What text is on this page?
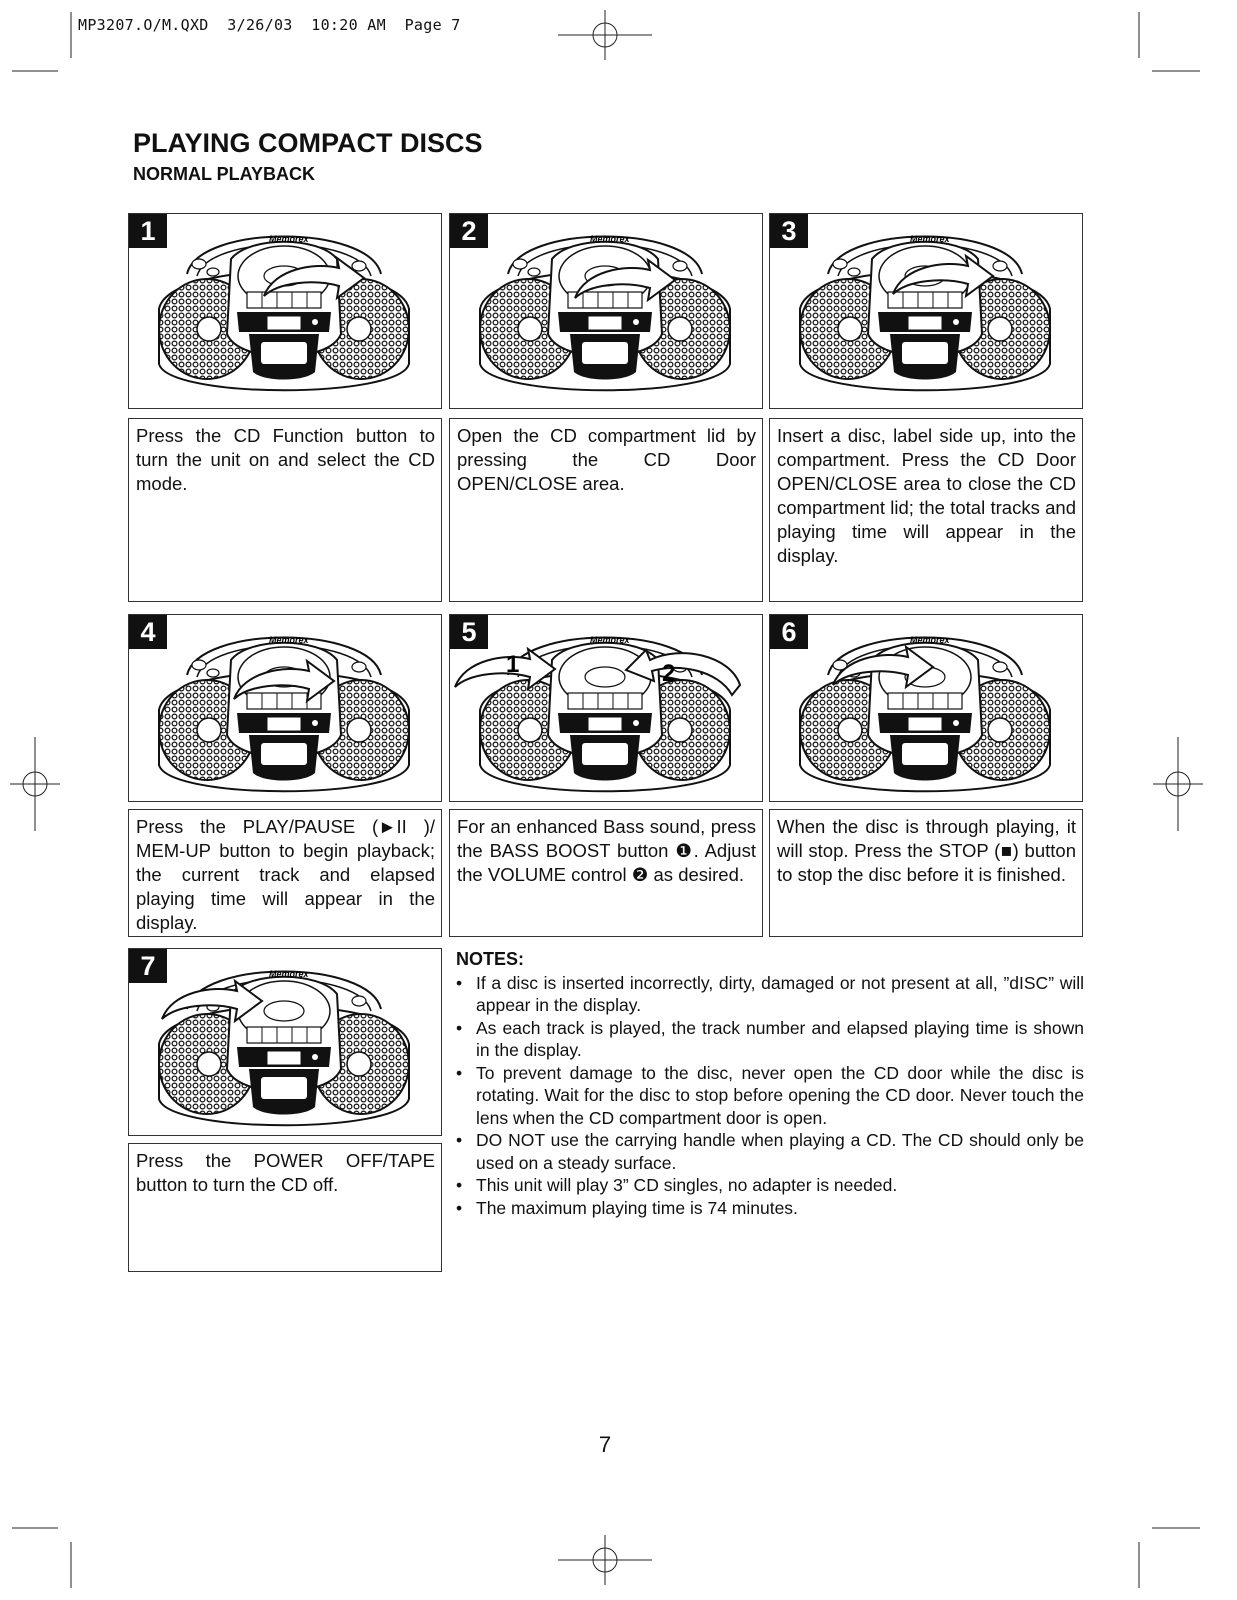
MP3207.O/M.QXD  3/26/03  10:20 AM  Page 7
PLAYING COMPACT DISCS
NORMAL PLAYBACK
Memorex
1
Press the CD Function button to turn the unit on and select the CD mode.
Memorex
2
Open the CD compartment lid by pressing the CD Door OPEN/CLOSE area.
Memorex
3
Insert a disc, label side up, into the compartment. Press the CD Door OPEN/CLOSE area to close the CD compartment lid; the total tracks and playing time will appear in the display.
Memorex
4
Press the PLAY/PAUSE (►II )/ MEM-UP button to begin playback; the current track and elapsed playing time will appear in the display.
Memorex
1	2
5
For an enhanced Bass sound, press the BASS BOOST button ❶. Adjust the VOLUME control ❷ as desired.
Memorex
6
When the disc is through playing, it will stop. Press the STOP (■) button to stop the disc before it is finished.
Memorex
7
Press the POWER OFF/TAPE button to turn the CD off.
NOTES:
• If a disc is inserted incorrectly, dirty, damaged or not present at all, ”dISC” will appear in the display.
• As each track is played, the track number and elapsed playing time is shown in the display.
• To prevent damage to the disc, never open the CD door while the disc is rotating. Wait for the disc to stop before opening the CD door. Never touch the lens when the CD compartment door is open.
• DO NOT use the carrying handle when playing a CD. The CD should only be used on a steady surface.
• This unit will play 3” CD singles, no adapter is needed.
• The maximum playing time is 74 minutes.
7
